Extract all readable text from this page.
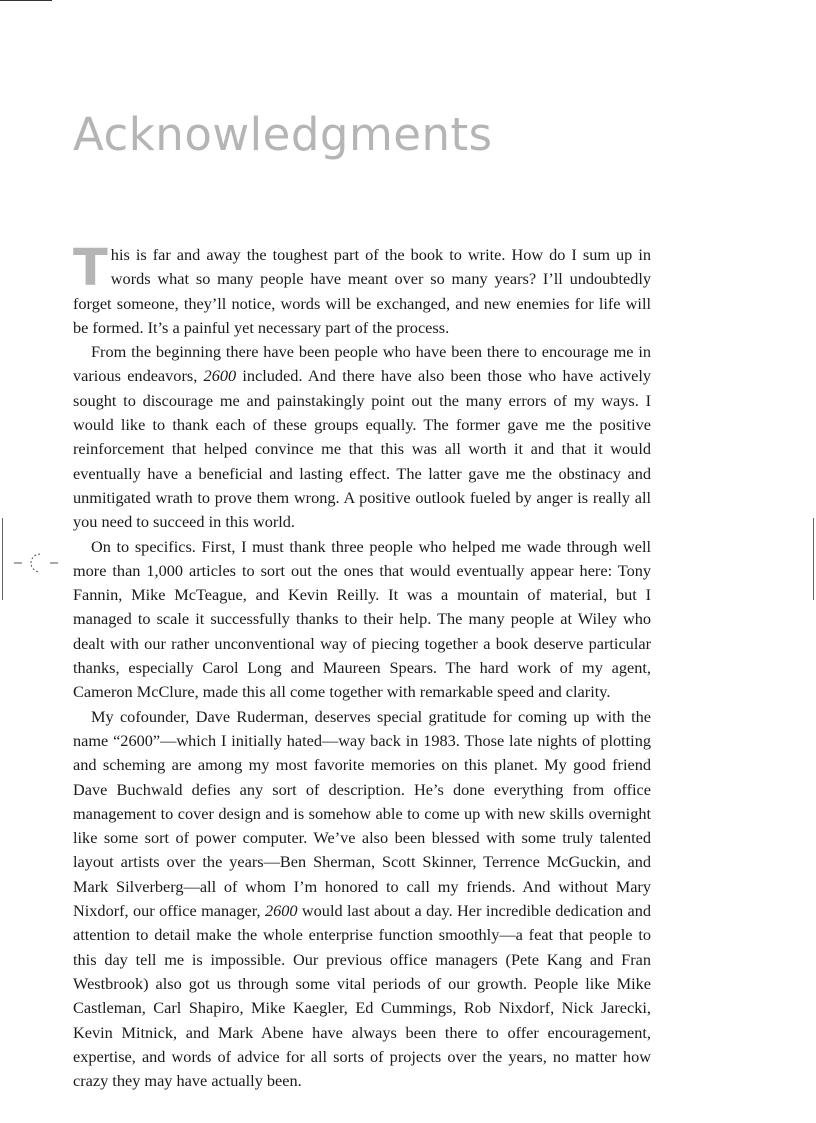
Acknowledgments

This is far and away the toughest part of the book to write. How do I sum up in words what so many people have meant over so many years? I’ll undoubtedly forget someone, they’ll notice, words will be exchanged, and new enemies for life will be formed. It’s a painful yet necessary part of the process.

From the beginning there have been people who have been there to encourage me in various endeavors, 2600 included. And there have also been those who have actively sought to discourage me and painstakingly point out the many errors of my ways. I would like to thank each of these groups equally. The former gave me the positive reinforcement that helped convince me that this was all worth it and that it would eventually have a beneficial and lasting effect. The latter gave me the obstinacy and unmitigated wrath to prove them wrong. A positive outlook fueled by anger is really all you need to succeed in this world.

On to specifics. First, I must thank three people who helped me wade through well more than 1,000 articles to sort out the ones that would eventually appear here: Tony Fannin, Mike McTeague, and Kevin Reilly. It was a mountain of material, but I managed to scale it successfully thanks to their help. The many people at Wiley who dealt with our rather unconventional way of piecing together a book deserve particular thanks, especially Carol Long and Maureen Spears. The hard work of my agent, Cameron McClure, made this all come together with remarkable speed and clarity.

My cofounder, Dave Ruderman, deserves special gratitude for coming up with the name “2600”—which I initially hated—way back in 1983. Those late nights of plotting and scheming are among my most favorite memories on this planet. My good friend Dave Buchwald defies any sort of description. He’s done everything from office management to cover design and is somehow able to come up with new skills overnight like some sort of power computer. We’ve also been blessed with some truly talented layout artists over the years—Ben Sherman, Scott Skinner, Terrence McGuckin, and Mark Silverberg—all of whom I’m honored to call my friends. And without Mary Nixdorf, our office manager, 2600 would last about a day. Her incredible dedication and attention to detail make the whole enterprise function smoothly—a feat that people to this day tell me is impossible. Our previous office managers (Pete Kang and Fran Westbrook) also got us through some vital periods of our growth. People like Mike Castleman, Carl Shapiro, Mike Kaegler, Ed Cummings, Rob Nixdorf, Nick Jarecki, Kevin Mitnick, and Mark Abene have always been there to offer encouragement, expertise, and words of advice for all sorts of projects over the years, no matter how crazy they may have actually been.
